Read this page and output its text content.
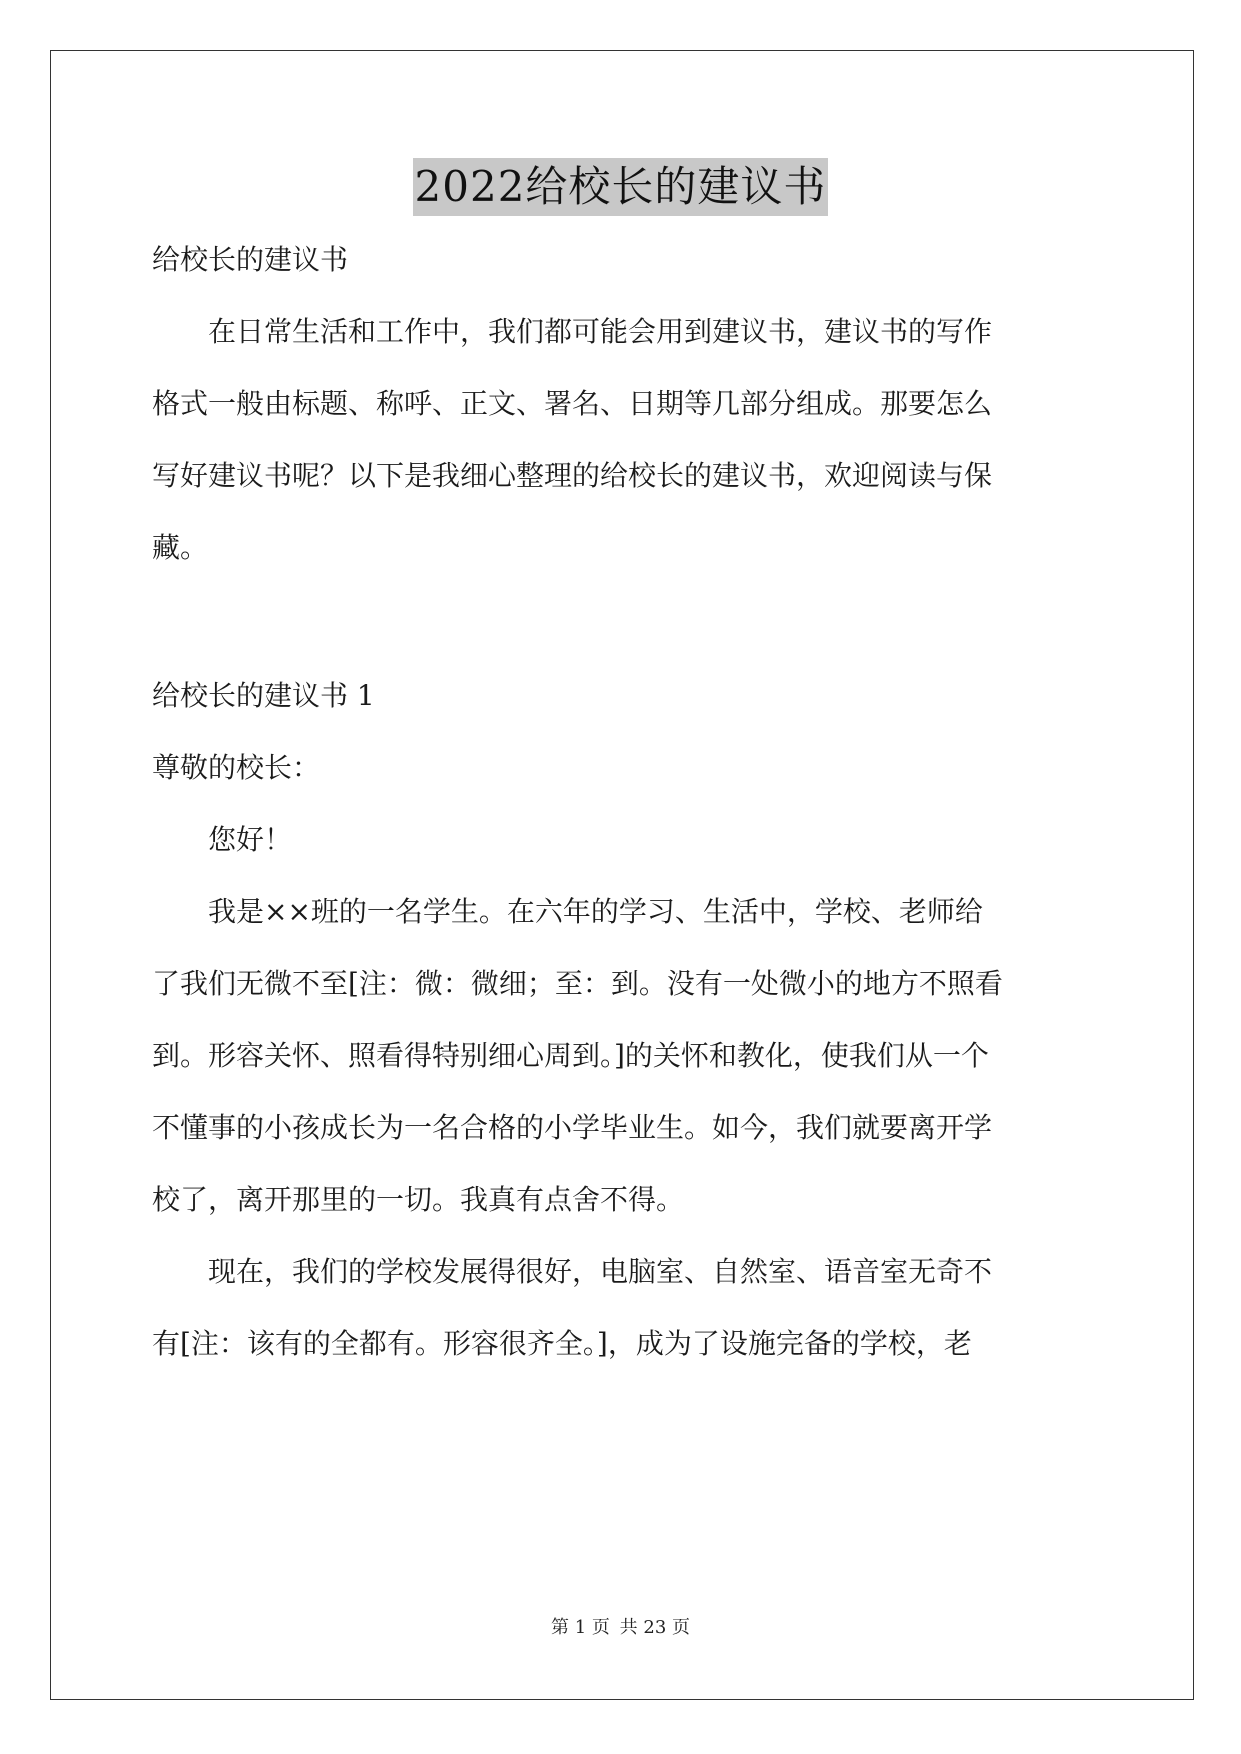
2022给校长的建议书
给校长的建议书
　　在日常生活和工作中，我们都可能会用到建议书，建议书的写作
格式一般由标题、称呼、正文、署名、日期等几部分组成。那要怎么
写好建议书呢？以下是我细心整理的给校长的建议书，欢迎阅读与保
藏。
给校长的建议书 1
尊敬的校长：
　　您好！
　　我是××班的一名学生。在六年的学习、生活中，学校、老师给
了我们无微不至[注：微：微细；至：到。没有一处微小的地方不照看
到。形容关怀、照看得特别细心周到。]的关怀和教化，使我们从一个
不懂事的小孩成长为一名合格的小学毕业生。如今，我们就要离开学
校了，离开那里的一切。我真有点舍不得。
　　现在，我们的学校发展得很好，电脑室、自然室、语音室无奇不
有[注：该有的全都有。形容很齐全。]，成为了设施完备的学校，老
第 1 页 共 23 页
